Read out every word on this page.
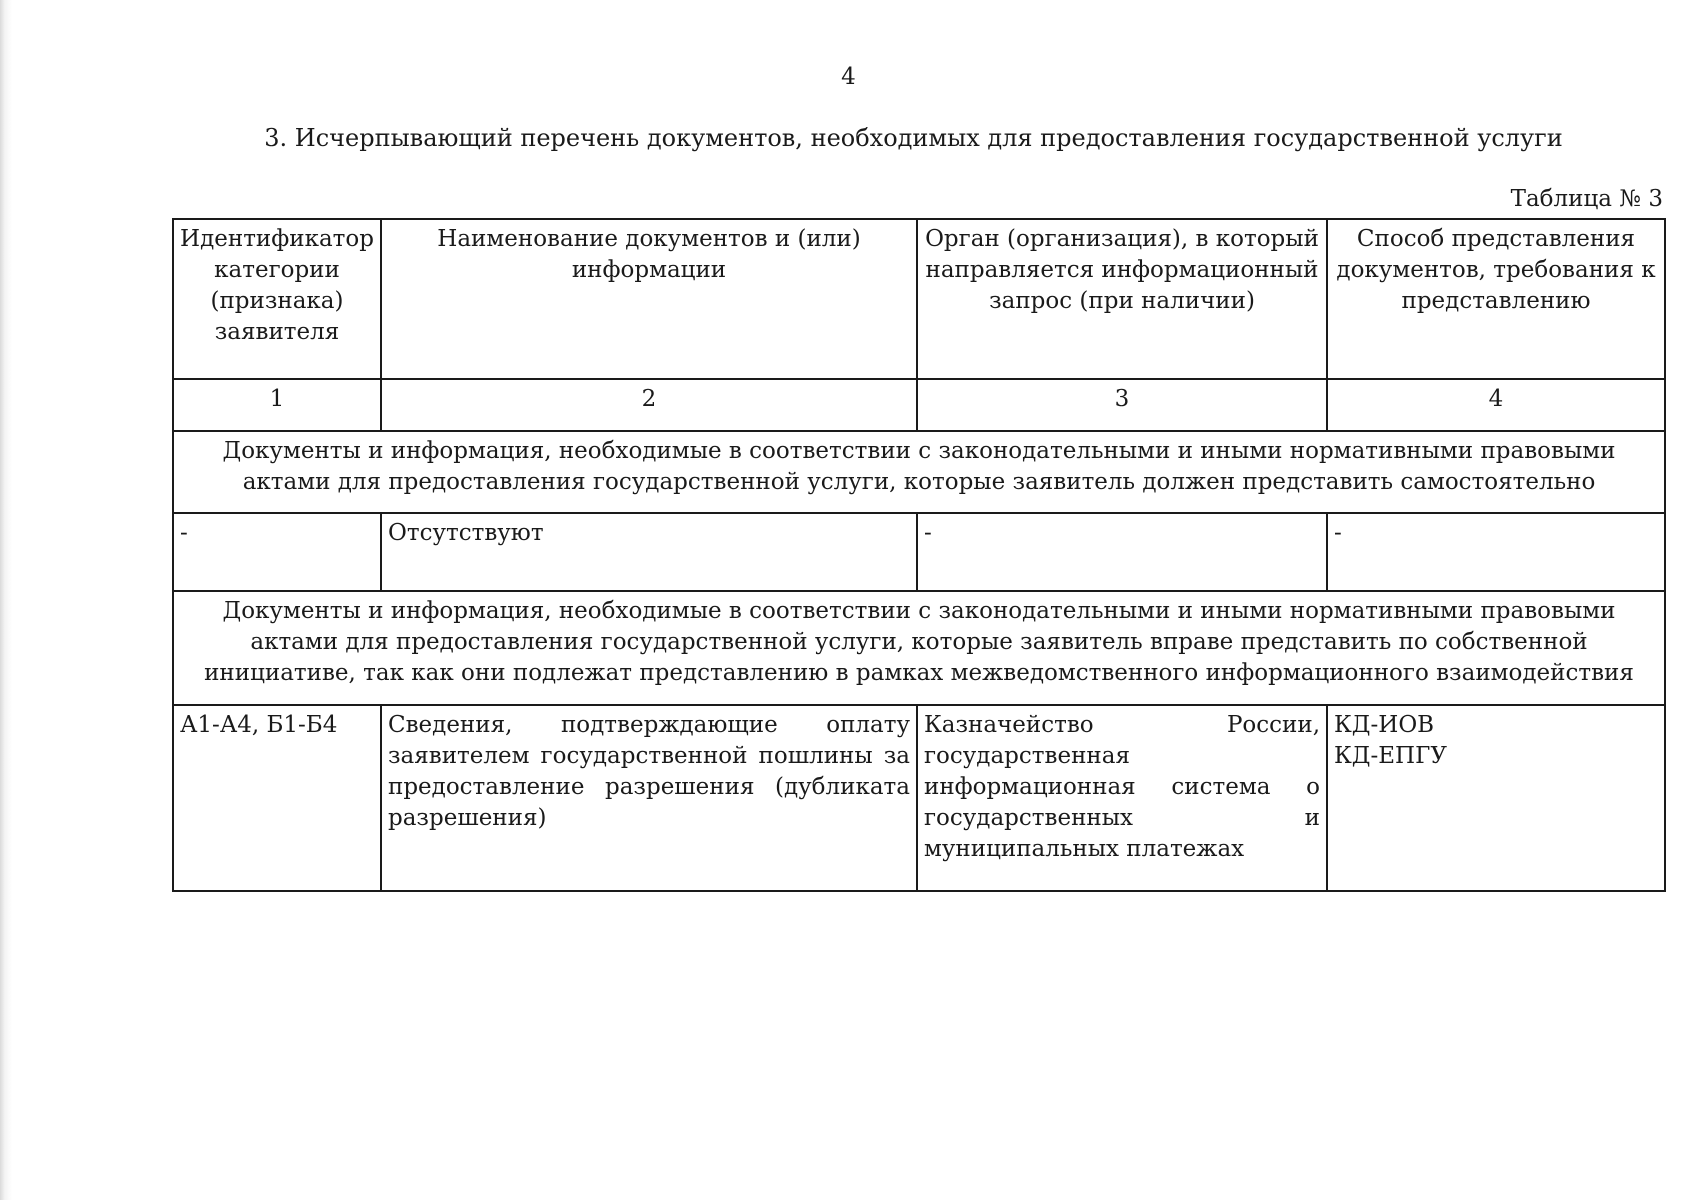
4
3. Исчерпывающий перечень документов, необходимых для предоставления государственной услуги
Таблица № 3
Идентификатор категории (признака) заявителя	Наименование документов и (или) информации	Орган (организация), в который направляется информационный запрос (при наличии)	Способ представления документов, требования к представлению
1	2	3	4
Документы и информация, необходимые в соответствии с законодательными и иными нормативными правовыми актами для предоставления государственной услуги, которые заявитель должен представить самостоятельно			
-	Отсутствуют	-	-
Документы и информация, необходимые в соответствии с законодательными и иными нормативными правовыми актами для предоставления государственной услуги, которые заявитель вправе представить по собственной инициативе, так как они подлежат представлению в рамках межведомственного информационного взаимодействия			
А1-А4, Б1-Б4	Сведения, подтверждающие оплату заявителем государственной пошлины за предоставление разрешения (дубликата разрешения)	Казначейство России, государственная информационная система о государственных и муниципальных платежах	КД-ИОВ
КД-ЕПГУ
